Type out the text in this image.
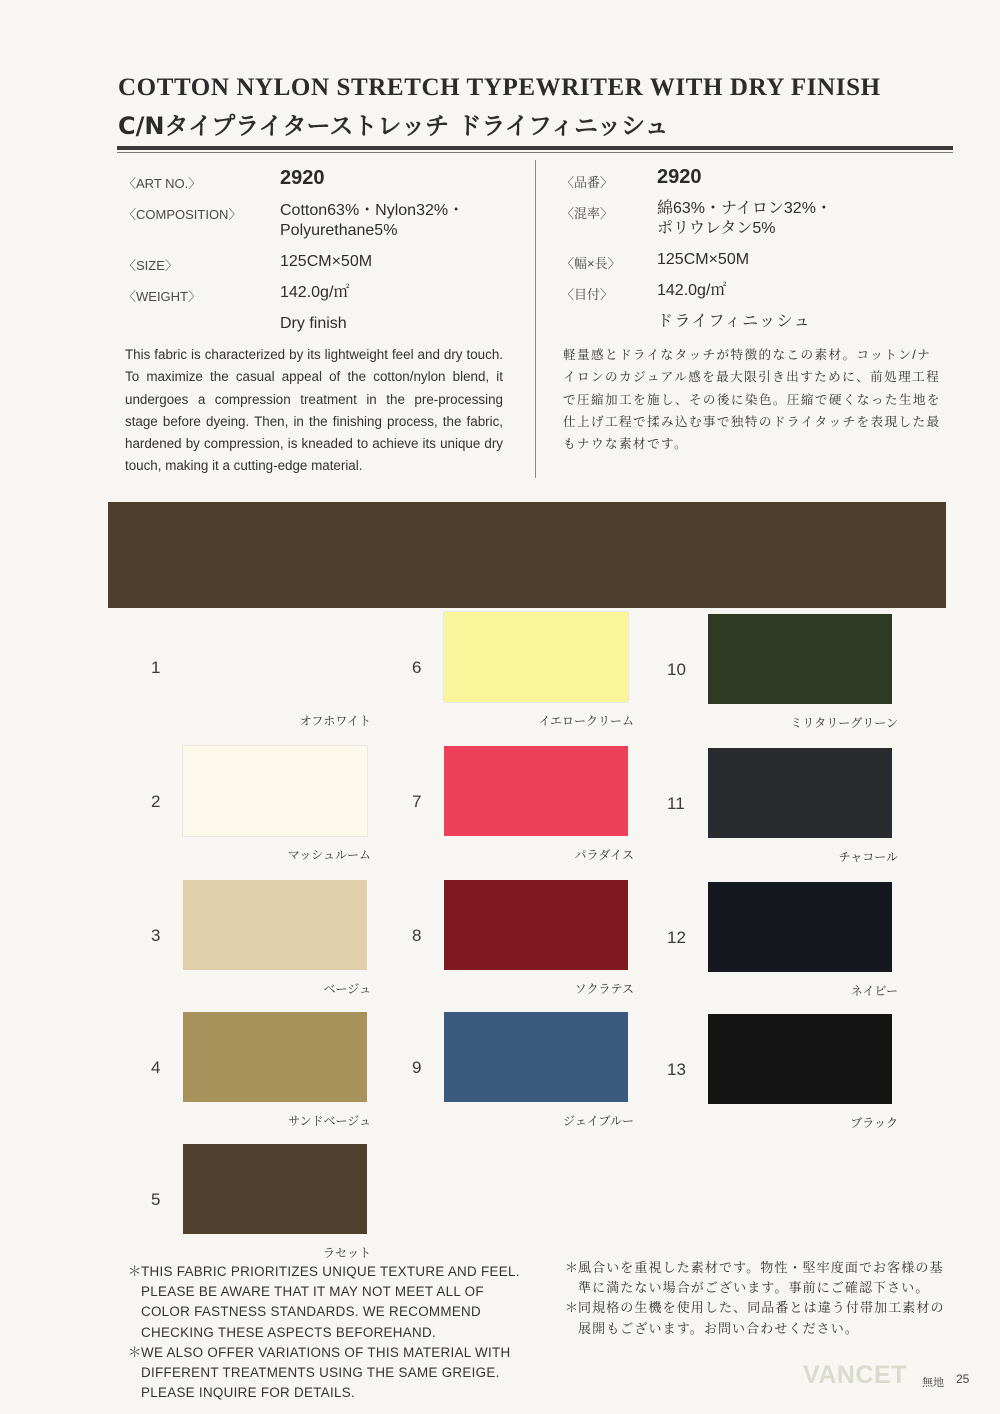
COTTON NYLON STRETCH TYPEWRITER WITH DRY FINISH
C/Nタイプライターストレッチ ドライフィニッシュ
〈ART NO.〉	2920
〈COMPOSITION〉 Cotton63%・Nylon32%・
Polyurethane5%
〈SIZE〉	125CM×50M
〈WEIGHT〉	142.0g/㎡
Dry finish
〈品番〉 2920
〈混率〉	綿63%・ナイロン32%・
ポリウレタン5%
〈幅×長〉 125CM×50M
〈目付〉	142.0g/㎡
ドライフィニッシュ
This fabric is characterized by its lightweight feel and dry touch. To maximize the casual appeal of the cotton/nylon blend, it undergoes a compression treatment in the pre-processing stage before dyeing. Then, in the finishing process, the fabric, hardened by compression, is kneaded to achieve its unique dry touch, making it a cutting-edge material.
軽量感とドライなタッチが特徴的なこの素材。コットン/ナイロンのカジュアル感を最大限引き出すために、前処理工程で圧縮加工を施し、その後に染色。圧縮で硬くなった生地を仕上げ工程で揉み込む事で独特のドライタッチを表現した最もナウな素材です。
1
オフホワイト
2
マッシュルーム
3
ベージュ
4
サンドベージュ
5
ラセット
6
イエロークリーム
7
パラダイス
8
ソクラテス
9
ジェイブルー
10
ミリタリーグリーン
11
チャコール
12
ネイビー
13
ブラック
＊ THIS FABRIC PRIORITIZES UNIQUE TEXTURE AND FEEL. PLEASE BE AWARE THAT IT MAY NOT MEET ALL OF COLOR FASTNESS STANDARDS. WE RECOMMEND CHECKING THESE ASPECTS BEFOREHAND.
＊ WE ALSO OFFER VARIATIONS OF THIS MATERIAL WITH DIFFERENT TREATMENTS USING THE SAME GREIGE. PLEASE INQUIRE FOR DETAILS.
＊
風合いを重視した素材です。物性・堅牢度面でお客様の基準に満たない場合がございます。事前にご確認下さい。
＊
同規格の生機を使用した、同品番とは違う付帯加工素材の展開もございます。お問い合わせください。
VANCET 無地 25
